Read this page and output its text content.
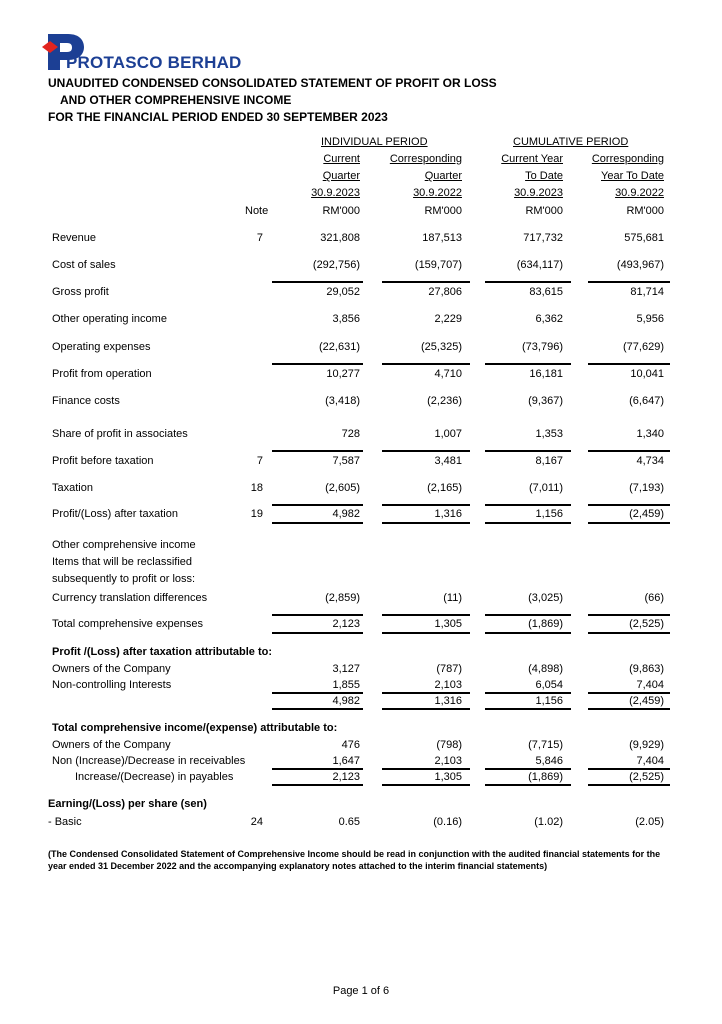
PROTASCO BERHAD
UNAUDITED CONDENSED CONSOLIDATED STATEMENT OF PROFIT OR LOSS
AND OTHER COMPREHENSIVE INCOME
FOR THE FINANCIAL PERIOD ENDED 30 SEPTEMBER 2023
INDIVIDUAL PERIOD	CUMULATIVE PERIOD
Current	Corresponding	Current Year	Corresponding
Quarter	Quarter	To Date	Year To Date
30.9.2023	30.9.2022	30.9.2023	30.9.2022
Note	RM'000	RM'000	RM'000	RM'000
Revenue	7	321,808	187,513	717,732	575,681
Cost of sales	(292,756)	(159,707)	(634,117)	(493,967)
Gross profit	29,052	27,806	83,615	81,714
Other operating income	3,856	2,229	6,362	5,956
Operating expenses	(22,631)	(25,325)	(73,796)	(77,629)
Profit from operation	10,277	4,710	16,181	10,041
Finance costs	(3,418)	(2,236)	(9,367)	(6,647)
Share of profit in associates	728	1,007	1,353	1,340
Profit before taxation	7	7,587	3,481	8,167	4,734
Taxation	18	(2,605)	(2,165)	(7,011)	(7,193)
Profit/(Loss) after taxation	19	4,982	1,316	1,156	(2,459)
Other comprehensive income
Items that will be reclassified
subsequently to profit or loss:
Currency translation differences	(2,859)	(11)	(3,025)	(66)
Total comprehensive expenses	2,123	1,305	(1,869)	(2,525)
Profit /(Loss) after taxation attributable to:
Owners of the Company	3,127	(787)	(4,898)	(9,863)
Non-controlling Interests	1,855	2,103	6,054	7,404
4,982	1,316	1,156	(2,459)
Total comprehensive income/(expense) attributable to:
Owners of the Company	476	(798)	(7,715)	(9,929)
Non (Increase)/Decrease in receivables	1,647	2,103	5,846	7,404
Increase/(Decrease) in payables	2,123	1,305	(1,869)	(2,525)
Earning/(Loss) per share (sen)
- Basic	24	0.65	(0.16)	(1.02)	(2.05)
(The Condensed Consolidated Statement of Comprehensive Income should be read in conjunction with the audited financial statements for the year ended 31 December 2022 and the accompanying explanatory notes attached to the interim financial statements)
Page 1 of 6
